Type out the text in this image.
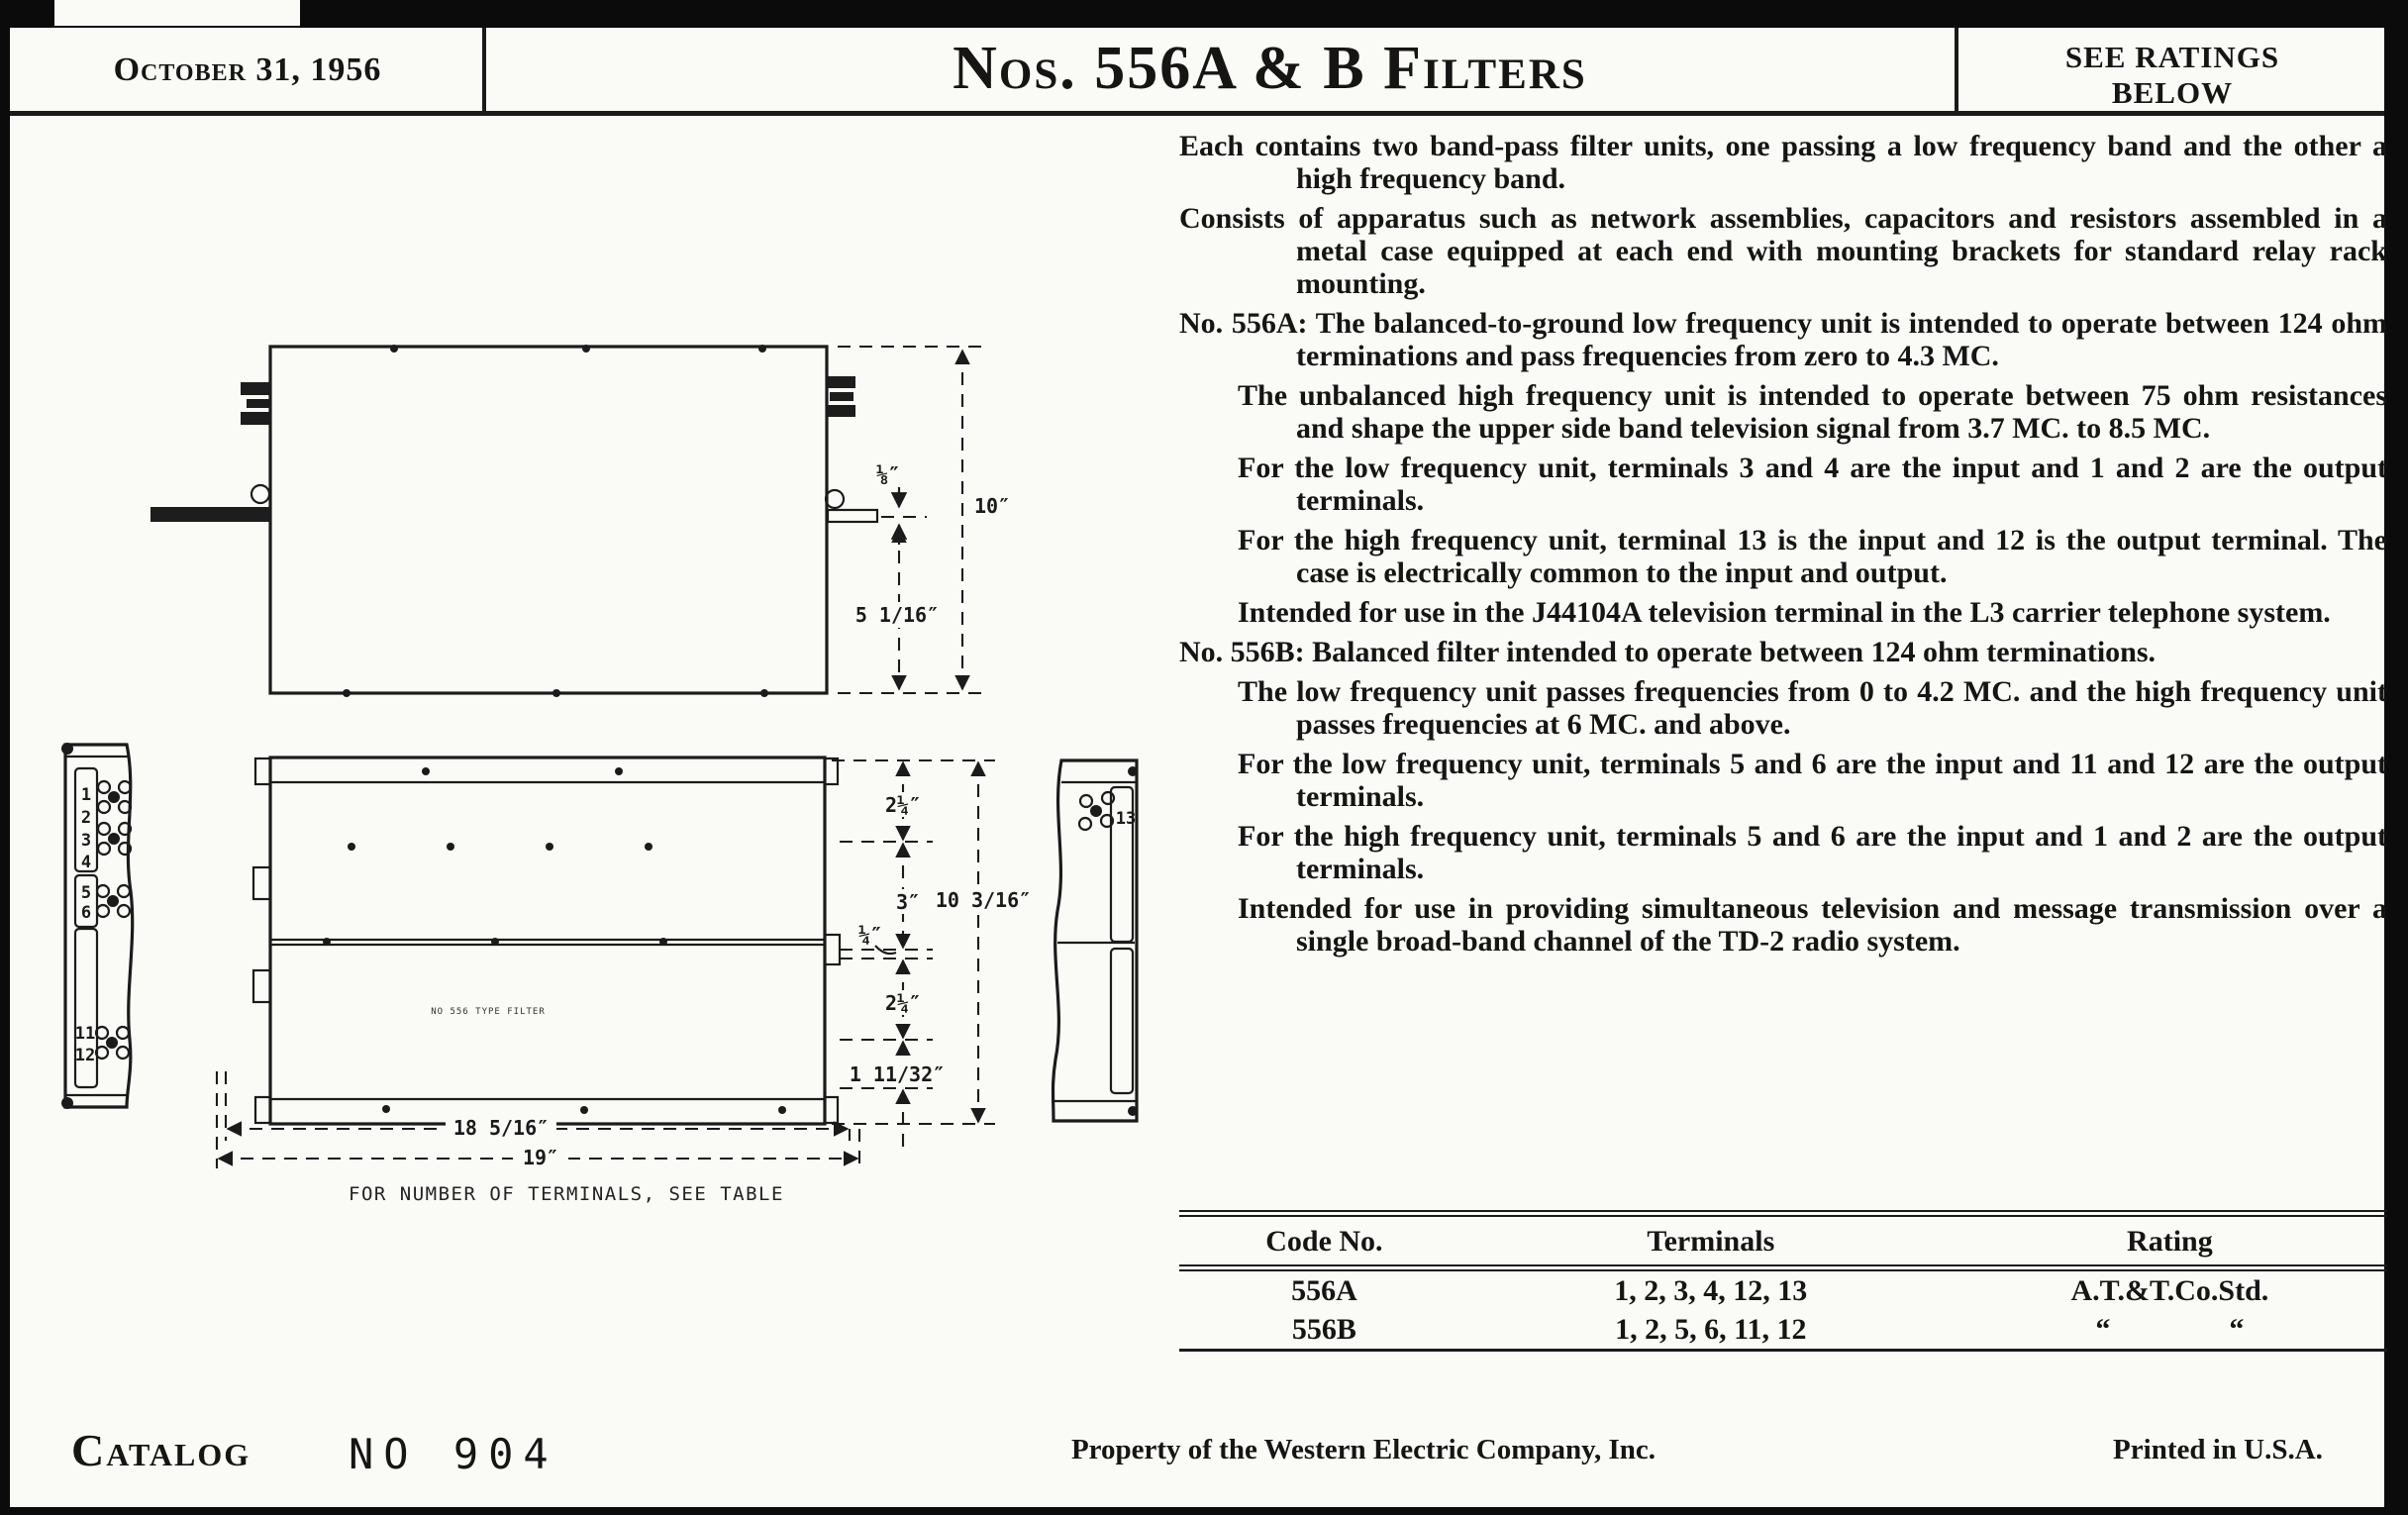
October 31, 1956	Nos. 556A & B Filters	SEE RATINGS
BELOW

Each contains two band-pass filter units, one passing a low frequency band and the other a high frequency band.

Consists of apparatus such as network assemblies, capacitors and resistors assembled in a metal case equipped at each end with mounting brackets for standard relay rack mounting.

No. 556A: The balanced-to-ground low frequency unit is intended to operate between 124 ohm terminations and pass frequencies from zero to 4.3 MC.

The unbalanced high frequency unit is intended to operate between 75 ohm resistances and shape the upper side band television signal from 3.7 MC. to 8.5 MC.

For the low frequency unit, terminals 3 and 4 are the input and 1 and 2 are the output terminals.

For the high frequency unit, terminal 13 is the input and 12 is the output terminal. The case is electrically common to the input and output.

Intended for use in the J44104A television terminal in the L3 carrier telephone system.

No. 556B: Balanced filter intended to operate between 124 ohm terminations.

The low frequency unit passes frequencies from 0 to 4.2 MC. and the high frequency unit passes frequencies at 6 MC. and above.

For the low frequency unit, terminals 5 and 6 are the input and 11 and 12 are the output terminals.

For the high frequency unit, terminals 5 and 6 are the input and 1 and 2 are the output terminals.

Intended for use in providing simultaneous television and message transmission over a single broad-band channel of the TD-2 radio system.

Code No.	Terminals	Rating
556A	1, 2, 3, 4, 12, 13	A.T.&T.Co.Std.
556B	1, 2, 5, 6, 11, 12	“    “
Catalog NO 904	Property of the Western Electric Company, Inc.	Printed in U.S.A.
⅛″
5 1/16″
10″
NO 556 TYPE FILTER
2¼″
3″
¼″
2¼″
1 11/32″
10 3/16″
18 5/16″
19″
1
2
3
4
5
6
11
12
13
FOR NUMBER OF TERMINALS, SEE TABLE
